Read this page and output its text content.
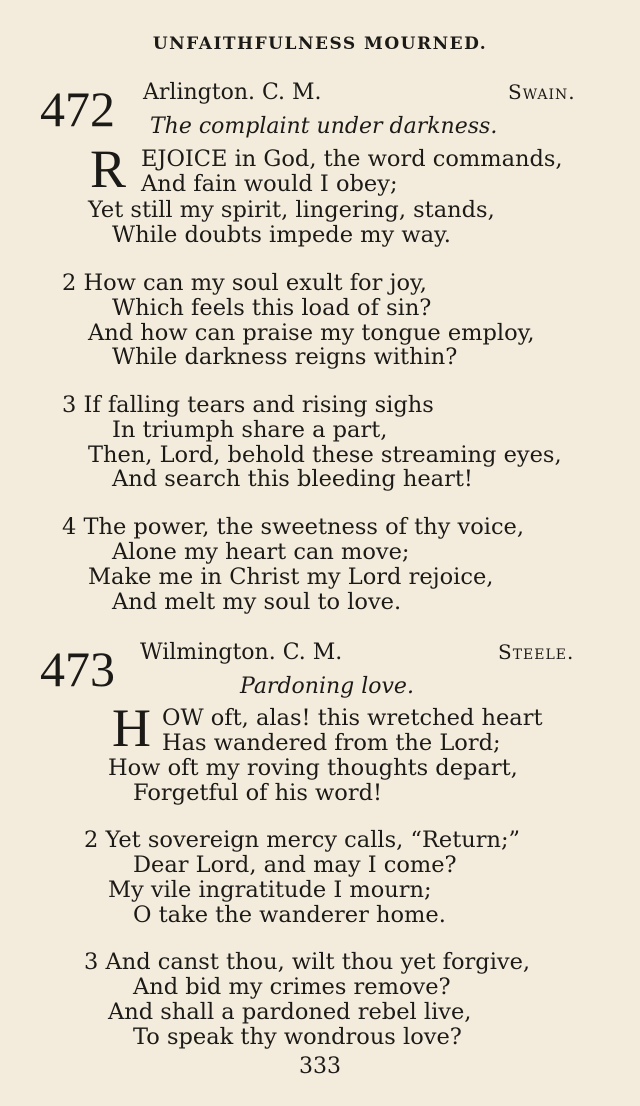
UNFAITHFULNESS MOURNED.
472 Arlington. C. M.	Swain.
The complaint under darkness.
R EJOICE in God, the word commands,
And fain would I obey;
Yet still my spirit, lingering, stands,
While doubts impede my way.
2 How can my soul exult for joy,
Which feels this load of sin?
And how can praise my tongue employ,
While darkness reigns within?
3 If falling tears and rising sighs
In triumph share a part,
Then, Lord, behold these streaming eyes,
And search this bleeding heart!
4 The power, the sweetness of thy voice,
Alone my heart can move;
Make me in Christ my Lord rejoice,
And melt my soul to love.
473 Wilmington. C. M.	Steele.
Pardoning love.
H OW oft, alas! this wretched heart
Has wandered from the Lord;
How oft my roving thoughts depart,
Forgetful of his word!
2 Yet sovereign mercy calls, “Return;”
Dear Lord, and may I come?
My vile ingratitude I mourn;
O take the wanderer home.
3 And canst thou, wilt thou yet forgive,
And bid my crimes remove?
And shall a pardoned rebel live,
To speak thy wondrous love?
333
